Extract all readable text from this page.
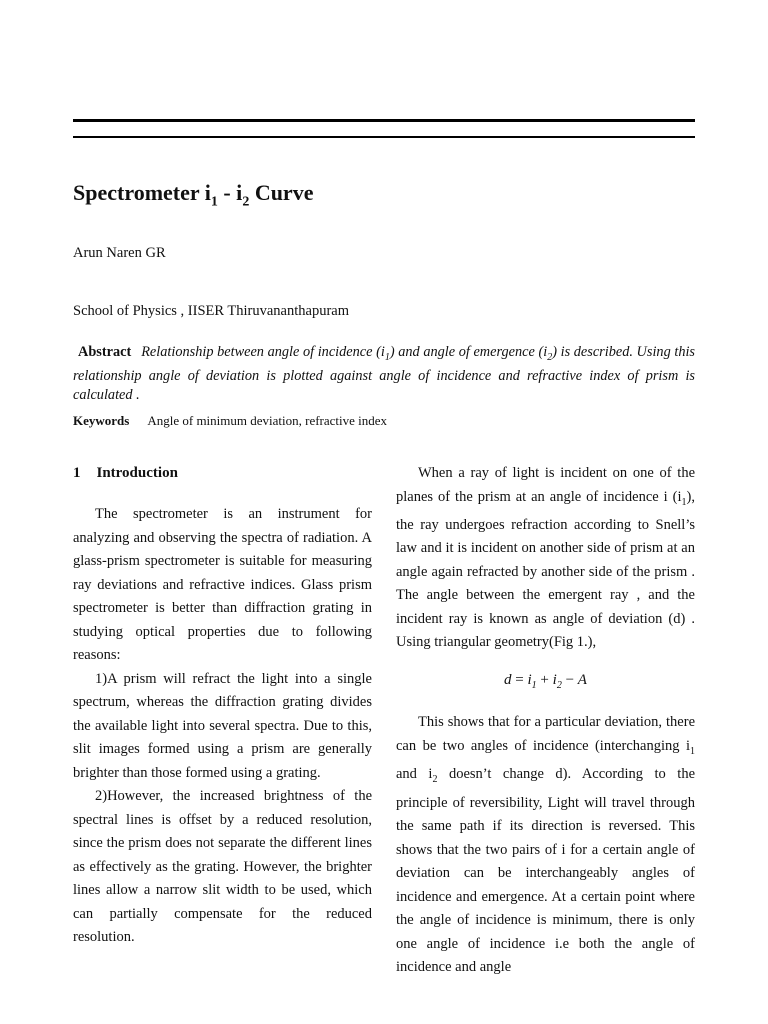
Spectrometer $i_1 - i_2$ Curve
Arun Naren GR
School of Physics , IISER Thiruvananthapuram
Abstract Relationship between angle of incidence $(i_1)$ and angle of emergence $(i_2)$ is described. Using this relationship angle of deviation is plotted against angle of incidence and refractive index of prism is calculated .
Keywords Angle of minimum deviation, refractive index
1 Introduction

The spectrometer is an instrument for analyzing and observing the spectra of radiation. A glass-prism spectrometer is suitable for measuring ray deviations and refractive indices. Glass prism spectrometer is better than diffraction grating in studying optical properties due to following reasons:

1)A prism will refract the light into a single spectrum, whereas the diffraction grating divides the available light into several spectra. Due to this, slit images formed using a prism are generally brighter than those formed using a grating.

2)However, the increased brightness of the spectral lines is offset by a reduced resolution, since the prism does not separate the different lines as effectively as the grating. However, the brighter lines allow a narrow slit width to be used, which can partially compensate for the reduced resolution.

When a ray of light is incident on one of the planes of the prism at an angle of incidence i $(i_1)$, the ray undergoes refraction according to Snell’s law and it is incident on another side of prism at an angle again refracted by another side of the prism . The angle between the emergent ray , and the incident ray is known as angle of deviation (d) . Using triangular geometry(Fig 1.),

$d = i_1 + i_2 - A$

This shows that for a particular deviation, there can be two angles of incidence (interchanging $i_1$ and $i_2$ doesn’t change d). According to the principle of reversibility, Light will travel through the same path if its direction is reversed. This shows that the two pairs of i for a certain angle of deviation can be interchangeably angles of incidence and emergence. At a certain point where the angle of incidence is minimum, there is only one angle of incidence i.e both the angle of incidence and angle
